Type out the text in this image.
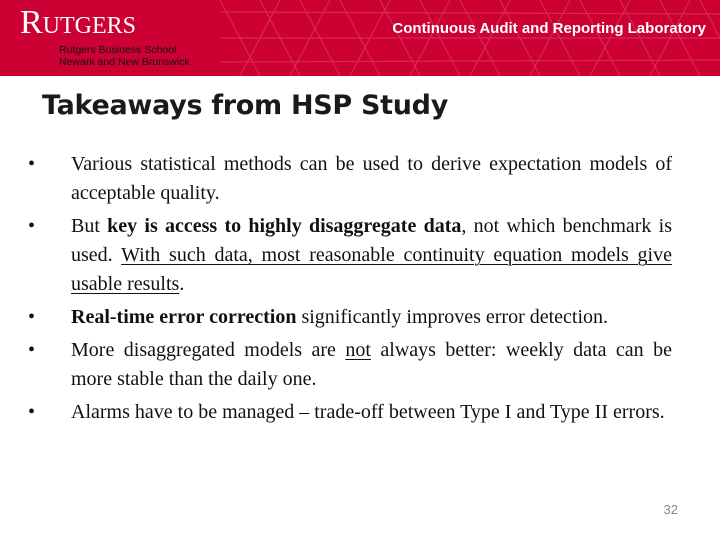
Rutgers
Rutgers Business School
Newark and New Brunswick
Continuous Audit and Reporting Laboratory
Takeaways from HSP Study
• Various statistical methods can be used to derive expectation models of acceptable quality.
• But key is access to highly disaggregate data, not which benchmark is used. With such data, most reasonable continuity equation models give usable results.
• Real-time error correction significantly improves error detection.
• More disaggregated models are not always better: weekly data can be more stable than the daily one.
• Alarms have to be managed – trade-off between Type I and Type II errors.
32
